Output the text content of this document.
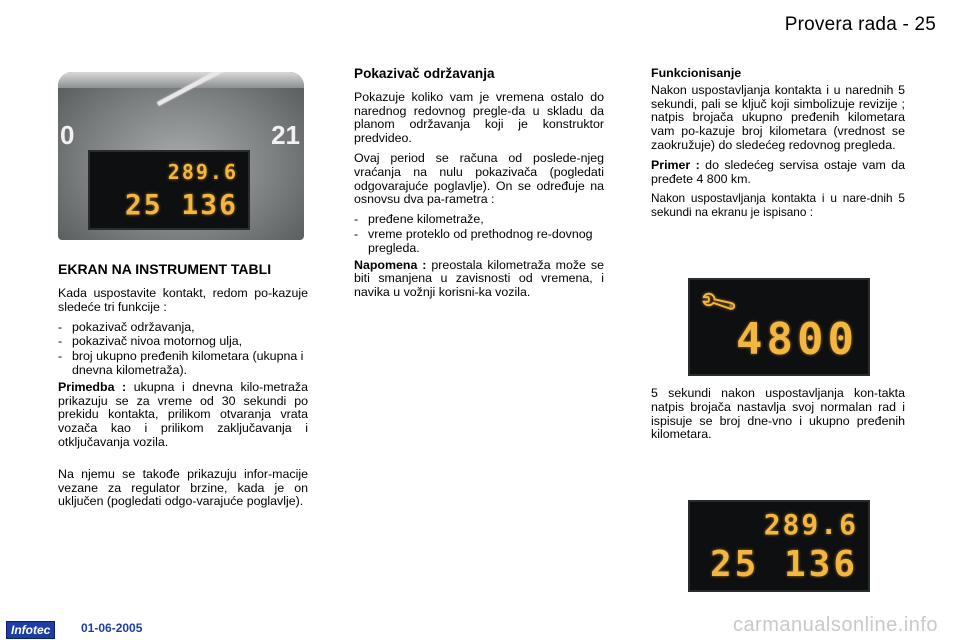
Provera rada - 25
0	21
289.6
25 136
EKRAN NA INSTRUMENT TABLI

Kada uspostavite kontakt, redom po-kazuje sledeće tri funkcije :

- pokazivač održavanja,
- pokazivač nivoa motornog ulja,
- broj ukupno pređenih kilometara (ukupna i dnevna kilometraža).

Primedba : ukupna i dnevna kilo-metraža prikazuju se za vreme od 30 sekundi po prekidu kontakta, prilikom otvaranja vrata vozača kao i prilikom zaključavanja i otključavanja vozila.

Na njemu se takođe prikazuju infor-macije vezane za regulator brzine, kada je on uključen (pogledati odgo-varajuće poglavlje).

Pokazivač održavanja

Pokazuje koliko vam je vremena ostalo do narednog redovnog pregle-da u skladu da planom održavanja koji je konstruktor predvideo.

Ovaj period se računa od poslede-njeg vraćanja na nulu pokazivača (pogledati odgovarajuće poglavlje). On se određuje na osnovsu dva pa-rametra :

- pređene kilometraže,
- vreme proteklo od prethodnog re-dovnog pregleda.

Napomena : preostala kilometraža može se biti smanjena u zavisnosti od vremena, i navika u vožnji korisni-ka vozila.

Funkcionisanje

Nakon uspostavljanja kontakta i u narednih 5 sekundi, pali se ključ koji simbolizuje revizije ; natpis brojača ukupno pređenih kilometara vam po-kazuje broj kilometara (vrednost se zaokružuje) do sledećeg redovnog pregleda.

Primer : do sledećeg servisa ostaje vam da pređete 4 800 km.

Nakon uspostavljanja kontakta i u nare-dnih 5 sekundi na ekranu je ispisano :

5 sekundi nakon uspostavljanja kon-takta natpis brojača nastavlja svoj normalan rad i ispisuje se broj dne-vno i ukupno pređenih kilometara.

🔧︎
4800
289.6
25 136
Infotec	01-06-2005	carmanualsonline.info
